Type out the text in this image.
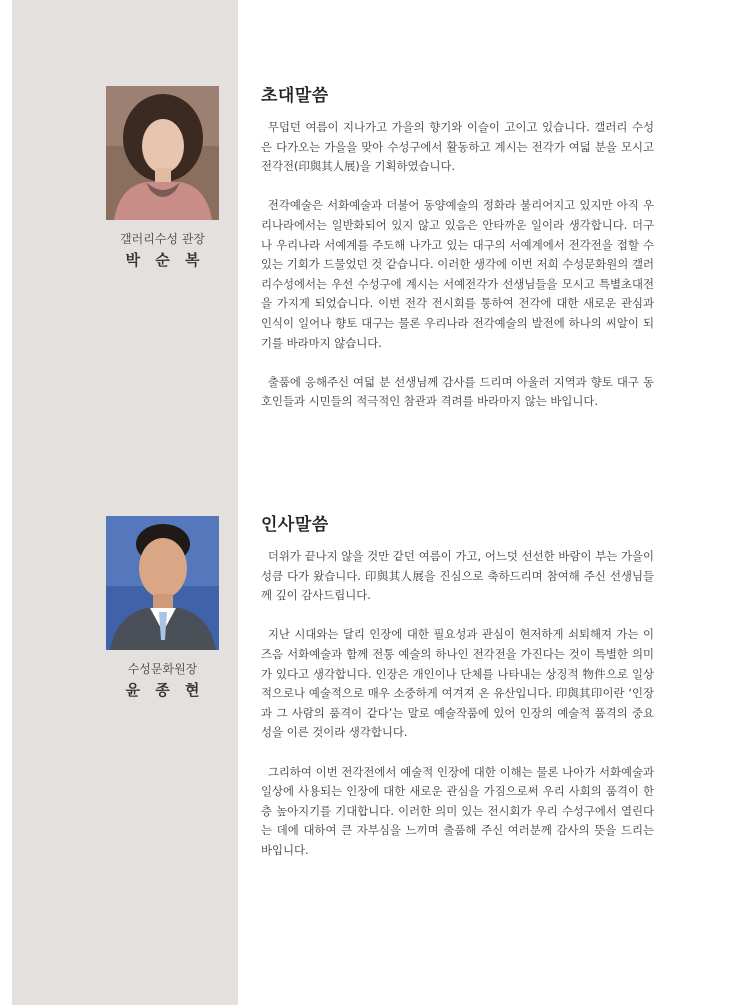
갤러리수성 관장
박 순 복
수성문화원장
윤 종 현
초대말씀

무덥던 여름이 지나가고 가을의 향기와 이슬이 고이고 있습니다. 갤러리 수성은 다가오는 가을을 맞아 수성구에서 활동하고 계시는 전각가 여덟 분을 모시고 전각전(印與其人展)을 기획하였습니다.

전각예술은 서화예술과 더불어 동양예술의 정화라 불리어지고 있지만 아직 우리나라에서는 일반화되어 있지 않고 있음은 안타까운 일이라 생각합니다. 더구나 우리나라 서예계를 주도해 나가고 있는 대구의 서예계에서 전각전을 접할 수 있는 기회가 드물었던 것 같습니다. 이러한 생각에 이번 저희 수성문화원의 갤러리수성에서는 우선 수성구에 계시는 서예전각가 선생님들을 모시고 특별초대전을 가지게 되었습니다. 이번 전각 전시회를 통하여 전각에 대한 새로운 관심과 인식이 일어나 향토 대구는 물론 우리나라 전각예술의 발전에 하나의 씨알이 되기를 바라마지 않습니다.

출품에 응해주신 여덟 분 선생님께 감사를 드리며 아울러 지역과 향토 대구 동호인들과 시민들의 적극적인 참관과 격려를 바라마지 않는 바입니다.

인사말씀

더위가 끝나지 않을 것만 같던 여름이 가고, 어느덧 선선한 바람이 부는 가을이 성큼 다가 왔습니다. 印與其人展을 진심으로 축하드리며 참여해 주신 선생님들께 깊이 감사드립니다.

지난 시대와는 달리 인장에 대한 필요성과 관심이 현저하게 쇠퇴해져 가는 이즈음 서화예술과 함께 전통 예술의 하나인 전각전을 가진다는 것이 특별한 의미가 있다고 생각합니다. 인장은 개인이나 단체를 나타내는 상징적 物件으로 일상적으로나 예술적으로 매우 소중하게 여겨져 온 유산입니다. 印與其印이란 ‘인장과 그 사람의 품격이 같다’는 말로 예술작품에 있어 인장의 예술적 품격의 중요성을 이른 것이라 생각합니다.

그리하여 이번 전각전에서 예술적 인장에 대한 이해는 물론 나아가 서화예술과 일상에 사용되는 인장에 대한 새로운 관심을 가짐으로써 우리 사회의 품격이 한층 높아지기를 기대합니다. 이러한 의미 있는 전시회가 우리 수성구에서 열린다는 데에 대하여 큰 자부심을 느끼며 출품해 주신 여러분께 감사의 뜻을 드리는 바입니다.
